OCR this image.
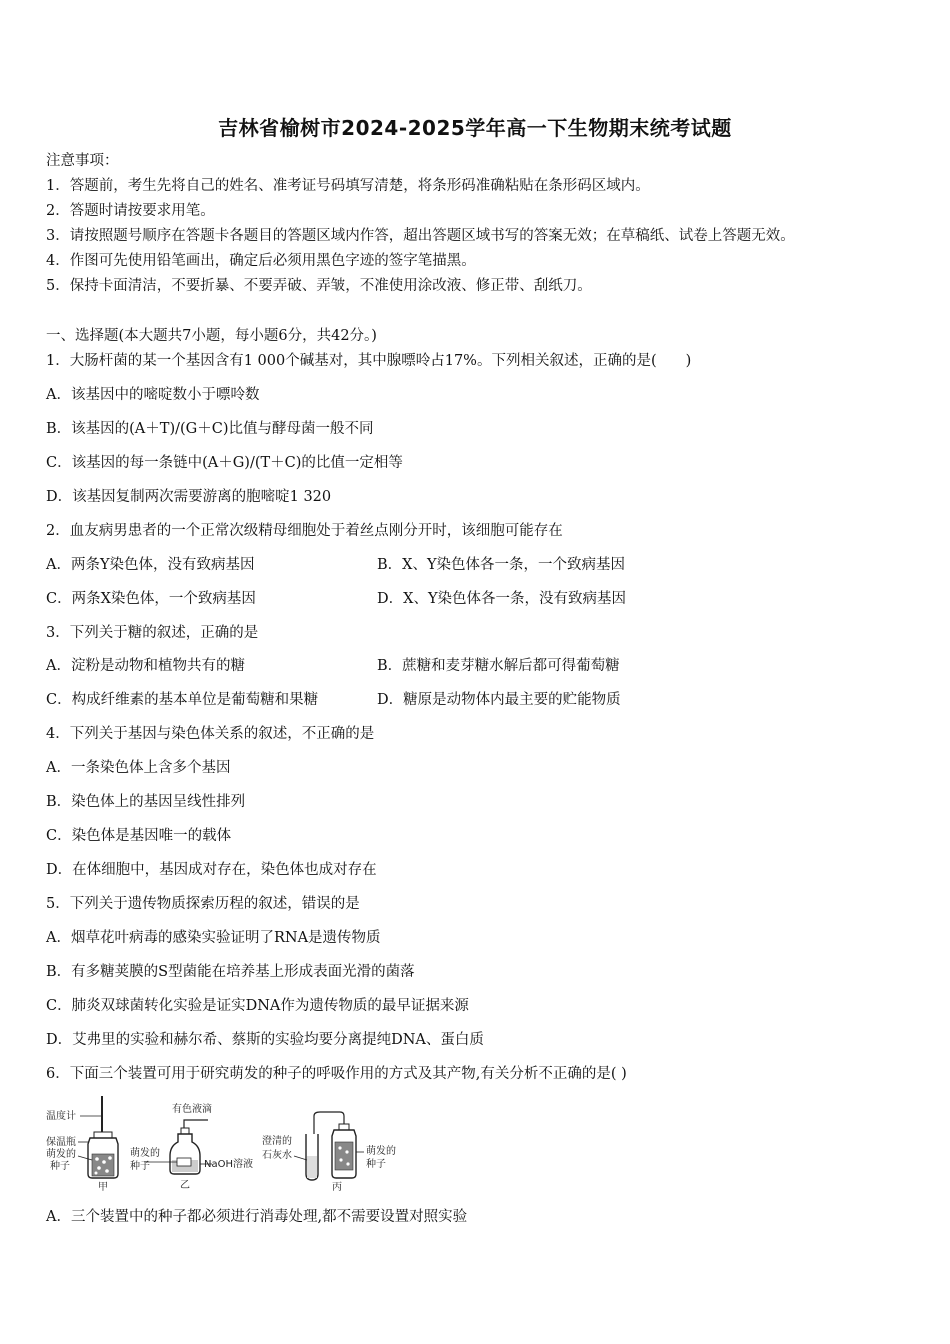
吉林省榆树市2024-2025学年高一下生物期末统考试题
注意事项：
1．答题前，考生先将自己的姓名、准考证号码填写清楚，将条形码准确粘贴在条形码区域内。
2．答题时请按要求用笔。
3．请按照题号顺序在答题卡各题目的答题区域内作答，超出答题区域书写的答案无效；在草稿纸、试卷上答题无效。
4．作图可先使用铅笔画出，确定后必须用黑色字迹的签字笔描黑。
5．保持卡面清洁，不要折暴、不要弄破、弄皱，不准使用涂改液、修正带、刮纸刀。
一、选择题(本大题共7小题，每小题6分，共42分。)
1．大肠杆菌的某一个基因含有1 000个碱基对，其中腺嘌呤占17%。下列相关叙述，正确的是(　　)
A．该基因中的嘧啶数小于嘌呤数
B．该基因的(A＋T)/(G＋C)比值与酵母菌一般不同
C．该基因的每一条链中(A＋G)/(T＋C)的比值一定相等
D．该基因复制两次需要游离的胞嘧啶1 320
2．血友病男患者的一个正常次级精母细胞处于着丝点刚分开时，该细胞可能存在
A．两条Y染色体，没有致病基因	B．X、Y染色体各一条，一个致病基因
C．两条X染色体，一个致病基因	D．X、Y染色体各一条，没有致病基因
3．下列关于糖的叙述，正确的是
A．淀粉是动物和植物共有的糖	B．蔗糖和麦芽糖水解后都可得葡萄糖
C．构成纤维素的基本单位是葡萄糖和果糖	D．糖原是动物体内最主要的贮能物质
4．下列关于基因与染色体关系的叙述，不正确的是
A．一条染色体上含多个基因
B．染色体上的基因呈线性排列
C．染色体是基因唯一的载体
D．在体细胞中，基因成对存在，染色体也成对存在
5．下列关于遗传物质探索历程的叙述，错误的是
A．烟草花叶病毒的感染实验证明了RNA是遗传物质
B．有多糖荚膜的S型菌能在培养基上形成表面光滑的菌落
C．肺炎双球菌转化实验是证实DNA作为遗传物质的最早证据来源
D．艾弗里的实验和赫尔希、蔡斯的实验均要分离提纯DNA、蛋白质
6．下面三个装置可用于研究萌发的种子的呼吸作用的方式及其产物,有关分析不正确的是( )
温度计
保温瓶
萌发的
种子
甲
有色液滴
萌发的
种子	NaOH溶液
乙
澄清的
石灰水	萌发的
种子
丙
A．三个装置中的种子都必须进行消毒处理,都不需要设置对照实验
